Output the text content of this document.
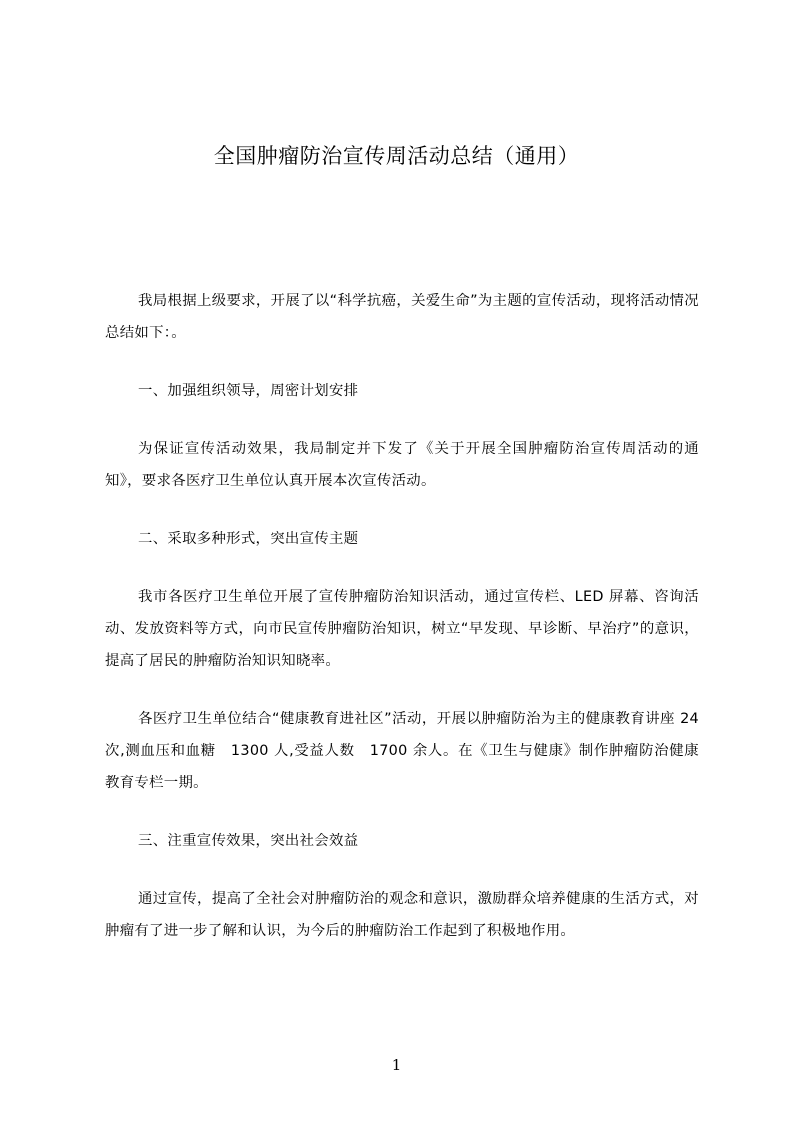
全国肿瘤防治宣传周活动总结（通用）

我局根据上级要求，开展了以“科学抗癌，关爱生命”为主题的宣传活动，现将活动情况总结如下：。

一、加强组织领导，周密计划安排

为保证宣传活动效果，我局制定并下发了《关于开展全国肿瘤防治宣传周活动的通知》，要求各医疗卫生单位认真开展本次宣传活动。

二、采取多种形式，突出宣传主题

我市各医疗卫生单位开展了宣传肿瘤防治知识活动，通过宣传栏、LED 屏幕、咨询活动、发放资料等方式，向市民宣传肿瘤防治知识，树立“早发现、早诊断、早治疗”的意识，提高了居民的肿瘤防治知识知晓率。

各医疗卫生单位结合“健康教育进社区”活动，开展以肿瘤防治为主的健康教育讲座 24 次,测血压和血糖　1300 人,受益人数　1700 余人。在《卫生与健康》制作肿瘤防治健康教育专栏一期。

三、注重宣传效果，突出社会效益

通过宣传，提高了全社会对肿瘤防治的观念和意识，激励群众培养健康的生活方式，对肿瘤有了进一步了解和认识，为今后的肿瘤防治工作起到了积极地作用。

1
